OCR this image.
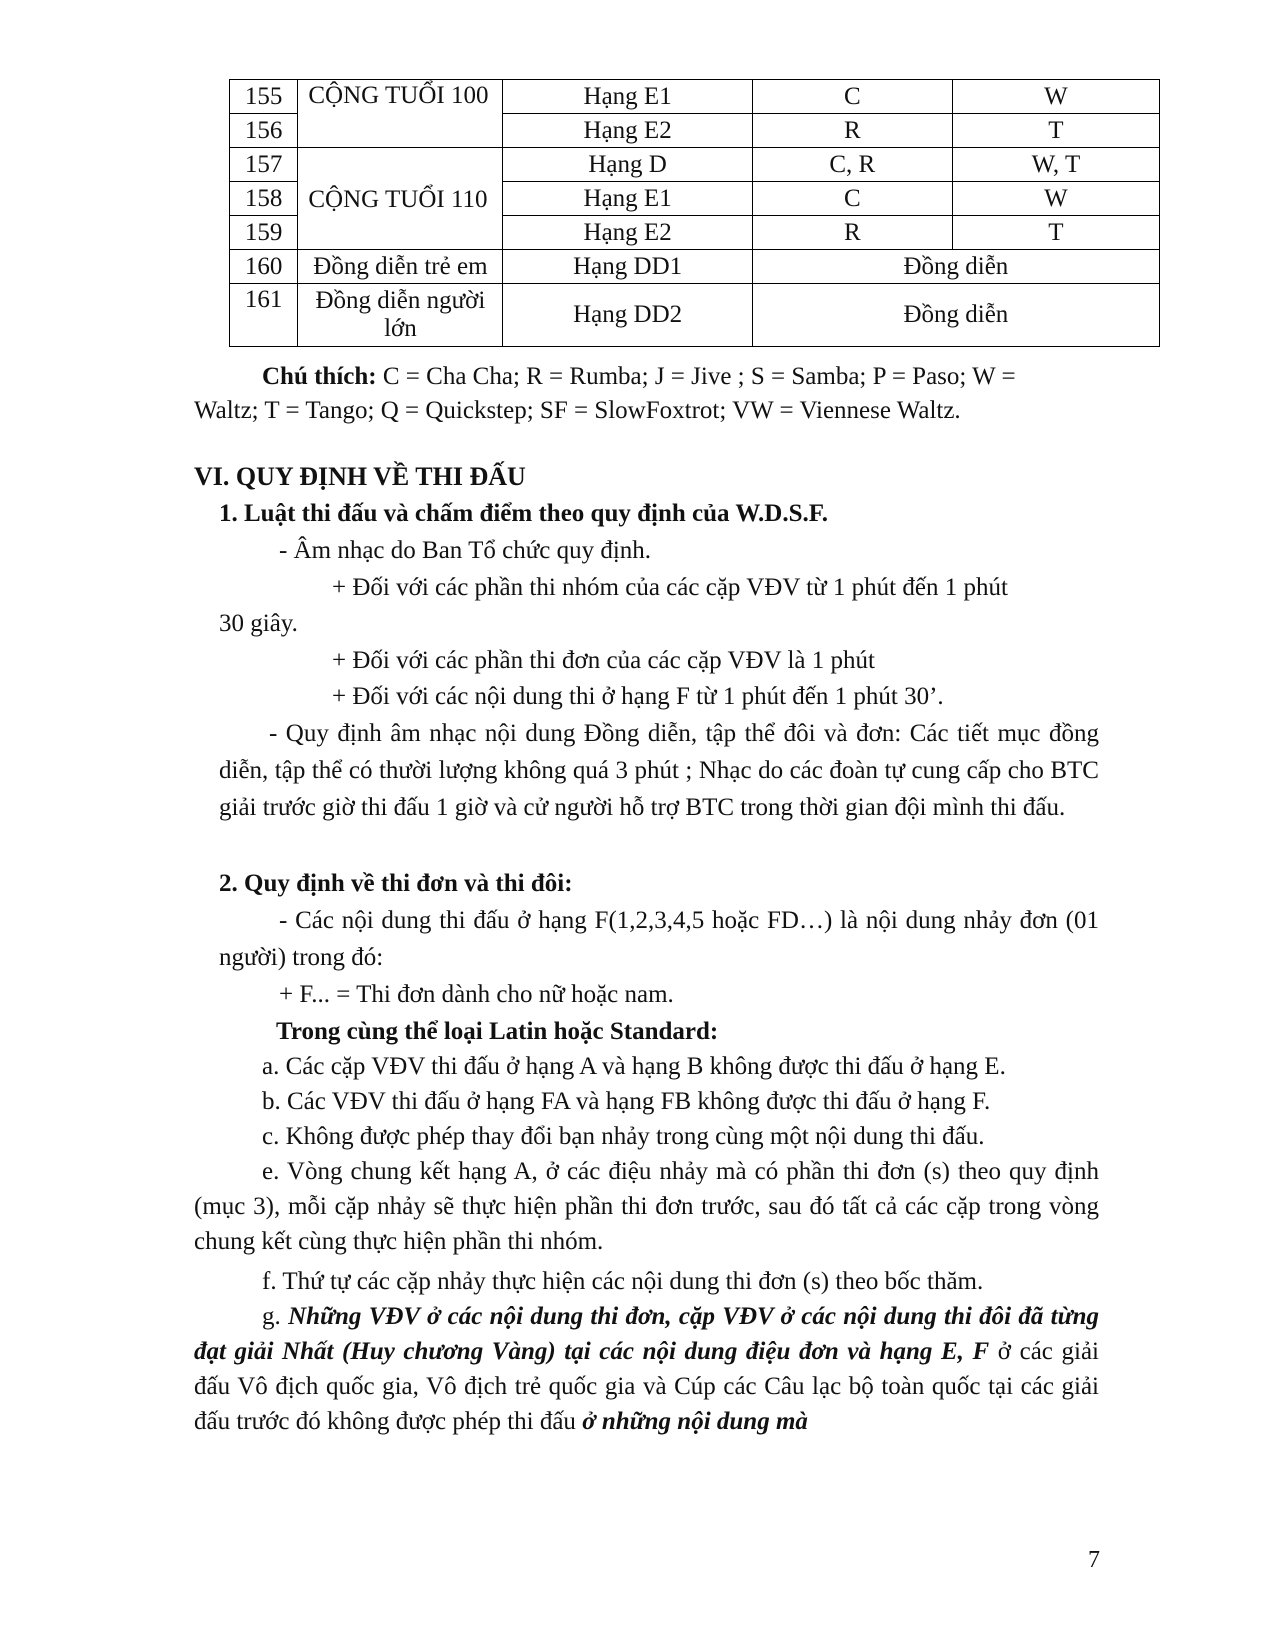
155	CỘNG TUỔI 100	Hạng E1	C	W
156		Hạng E2	R	T
157	CỘNG TUỔI 110	Hạng D	C, R	W, T
158		Hạng E1	C	W
159		Hạng E2	R	T
160	Đồng diễn trẻ em	Hạng DD1	Đồng diễn	
161	Đồng diễn người lớn	Hạng DD2	Đồng diễn	

Chú thích: C = Cha Cha; R = Rumba; J = Jive ; S = Samba; P = Paso; W =

Waltz; T = Tango; Q = Quickstep; SF = SlowFoxtrot; VW = Viennese Waltz.

VI. QUY ĐỊNH VỀ THI ĐẤU

1. Luật thi đấu và chấm điểm theo quy định của W.D.S.F.

- Âm nhạc do Ban Tổ chức quy định.

+ Đối với các phần thi nhóm của các cặp VĐV từ 1 phút đến 1 phút

30 giây.

+ Đối với các phần thi đơn của các cặp VĐV là 1 phút

+ Đối với các nội dung thi ở hạng F từ 1 phút đến 1 phút 30’.

- Quy định âm nhạc nội dung Đồng diễn, tập thể đôi và đơn: Các tiết mục đồng diễn, tập thể có thười lượng không quá 3 phút ; Nhạc do các đoàn tự cung cấp cho BTC giải trước giờ thi đấu 1 giờ và cử người hỗ trợ BTC trong thời gian đội mình thi đấu.

2. Quy định về thi đơn và thi đôi:

- Các nội dung thi đấu ở hạng F(1,2,3,4,5 hoặc FD…) là nội dung nhảy đơn (01 người) trong đó:

+ F... = Thi đơn dành cho nữ hoặc nam.

Trong cùng thể loại Latin hoặc Standard:

a. Các cặp VĐV thi đấu ở hạng A và hạng B không được thi đấu ở hạng E.

b. Các VĐV thi đấu ở hạng FA và hạng FB không được thi đấu ở hạng F.

c. Không được phép thay đổi bạn nhảy trong cùng một nội dung thi đấu.

e. Vòng chung kết hạng A, ở các điệu nhảy mà có phần thi đơn (s) theo quy định (mục 3), mỗi cặp nhảy sẽ thực hiện phần thi đơn trước, sau đó tất cả các cặp trong vòng chung kết cùng thực hiện phần thi nhóm.

f. Thứ tự các cặp nhảy thực hiện các nội dung thi đơn (s) theo bốc thăm.

g. Những VĐV ở các nội dung thi đơn, cặp VĐV ở các nội dung thi đôi đã từng đạt giải Nhất (Huy chương Vàng) tại các nội dung điệu đơn và hạng E, F ở các giải đấu Vô địch quốc gia, Vô địch trẻ quốc gia và Cúp các Câu lạc bộ toàn quốc tại các giải đấu trước đó không được phép thi đấu ở những nội dung mà

7
